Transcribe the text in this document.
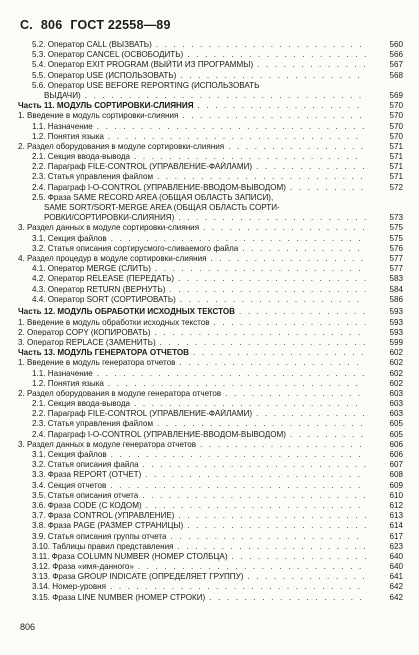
С. 806 ГОСТ 22558—89
5.2. Оператор CALL (ВЫЗВАТЬ)	560
. . . . . . . . . . . . . . . . . . . . . . . .
5.3. Оператор CANCEL (ОСВОБОДИТЬ)	566
. . . . . . . . . . . . . . . . . . . . .
5.4. Оператор EXIT PROGRAM (ВЫЙТИ ИЗ ПРОГРАММЫ)	567
. . . . . . . . . . . . .
5.5. Оператор USE (ИСПОЛЬЗОВАТЬ)	568
. . . . . . . . . . . . . . . . . . . . .
5.6. Оператор USE BEFORE REPORTING (ИСПОЛЬЗОВАТЬ
ВЫДАЧИ)	569
. . . . . . . . . . . . . . . . . . . . . . . . . . . . . . . .
Часть 11. МОДУЛЬ СОРТИРОВКИ-СЛИЯНИЯ	570
. . . . . . . . . . . . . . . . . . .
1. Введение в модуль сортировки-слияния	570
. . . . . . . . . . . . . . . . . . . . .
1.1. Назначение	570
. . . . . . . . . . . . . . . . . . . . . . . . . . . . . . .
1.2. Понятия языка	570
. . . . . . . . . . . . . . . . . . . . . . . . . . . . .
2. Раздел оборудования в модуле сортировки-слияния	571
. . . . . . . . . . . . . . . .
2.1. Секция ввода-вывода	571
. . . . . . . . . . . . . . . . . . . . . . . . . .
2.2. Параграф FILE-CONTROL (УПРАВЛЕНИЕ-ФАЙЛАМИ)	571
. . . . . . . . . . . . .
2.3. Статья управления файлом	571
. . . . . . . . . . . . . . . . . . . . . . . .
2.4. Параграф I-O-CONTROL (УПРАВЛЕНИЕ-ВВОДОМ-ВЫВОДОМ)	572
. . . . . . . . .
2.5. Фраза SAME RECORD AREA (ОБЩАЯ ОБЛАСТЬ ЗАПИСИ),
SAME SORT/SORT-MERGE AREA (ОБЩАЯ ОБЛАСТЬ СОРТИ-
РОВКИ/СОРТИРОВКИ-СЛИЯНИЯ)	573
. . . . . . . . . . . . . . . . . . . . . .
3. Раздел данных в модуле сортировки-слияния	575
. . . . . . . . . . . . . . . . . . .
3.1. Секция файлов	575
. . . . . . . . . . . . . . . . . . . . . . . . . . . . .
3.2. Статья описания сортирусмого-сливаемого файла	576
. . . . . . . . . . . . . .
4. Раздел процедур в модуле сортировки-слияния	577
. . . . . . . . . . . . . . . . . .
4.1. Оператор MERGE (СЛИТЬ)	577
. . . . . . . . . . . . . . . . . . . . . . . .
4.2. Оператор RELEASE (ПЕРЕДАТЬ)	583
. . . . . . . . . . . . . . . . . . . . . .
4.3. Оператор RETURN (ВЕРНУТЬ)	584
. . . . . . . . . . . . . . . . . . . . . . .
4.4. Оператор SORT (СОРТИРОВАТЬ)	586
. . . . . . . . . . . . . . . . . . . . .
Часть 12. МОДУЛЬ ОБРАБОТКИ ИСХОДНЫХ ТЕКСТОВ	593
. . . . . . . . . . . . . . .
1. Введение в модуль обработки исходных текстов	593
. . . . . . . . . . . . . . . . . .
2. Оператор COPY (КОПИРОВАТЬ)	593
. . . . . . . . . . . . . . . . . . . . . . . .
3. Оператор REPLACE (ЗАМЕНИТЬ)	599
. . . . . . . . . . . . . . . . . . . . . . . .
Часть 13. МОДУЛЬ ГЕНЕРАТОРА ОТЧЕТОВ	602
. . . . . . . . . . . . . . . . . . . .
1. Введение в модуль генератора отчетов	602
. . . . . . . . . . . . . . . . . . . . .
1.1. Назначение	602
. . . . . . . . . . . . . . . . . . . . . . . . . . . . . . .
1.2. Понятия языка	602
. . . . . . . . . . . . . . . . . . . . . . . . . . . . .
2. Раздел оборудования в модуле генератора отчетов	603
. . . . . . . . . . . . . . . .
2.1. Секция ввода-вывода	603
. . . . . . . . . . . . . . . . . . . . . . . . . .
2.2. Параграф FILE-CONTROL (УПРАВЛЕНИЕ-ФАЙЛАМИ)	603
. . . . . . . . . . . . .
2.3. Статья управления файлом	605
. . . . . . . . . . . . . . . . . . . . . . . .
2.4. Параграф I-O-CONTROL (УПРАВЛЕНИЕ-ВВОДОМ-ВЫВОДОМ)	605
. . . . . . . . .
3. Раздел данных в модуле генератора отчетов	606
. . . . . . . . . . . . . . . . . . .
3.1. Секция файлов	606
. . . . . . . . . . . . . . . . . . . . . . . . . . . . .
3.2. Статья описания файла	607
. . . . . . . . . . . . . . . . . . . . . . . . . .
3.3. Фраза REPORT (ОТЧЕТ)	608
. . . . . . . . . . . . . . . . . . . . . . . . .
3.4. Секция отчетов	609
. . . . . . . . . . . . . . . . . . . . . . . . . . . . .
3.5. Статья описания отчета	610
. . . . . . . . . . . . . . . . . . . . . . . . . .
3.6. Фраза CODE (С КОДОМ)	612
. . . . . . . . . . . . . . . . . . . . . . . . .
3.7. Фраза CONTROL (УПРАВЛЕНИЕ)	613
. . . . . . . . . . . . . . . . . . . . . .
3.8. Фраза PAGE (РАЗМЕР СТРАНИЦЫ)	614
. . . . . . . . . . . . . . . . . . . . .
3.9. Статья описания группы отчета	617
. . . . . . . . . . . . . . . . . . . . . .
3.10. Таблицы правил представления	623
. . . . . . . . . . . . . . . . . . . . . .
3.11. Фраза COLUMN NUMBER (НОМЕР СТОЛБЦА)	640
. . . . . . . . . . . . . . . .
3.12. Фраза «имя-данного»	640
. . . . . . . . . . . . . . . . . . . . . . . . . .
3.13. Фраза GROUP INDICATE (ОПРЕДЕЛЯЕТ ГРУППУ)	641
. . . . . . . . . . . . . .
3.14. Номер-уровня	642
. . . . . . . . . . . . . . . . . . . . . . . . . . . . .
3.15. Фраза LINE NUMBER (НОМЕР СТРОКИ)	642
. . . . . . . . . . . . . . . . . .
806
